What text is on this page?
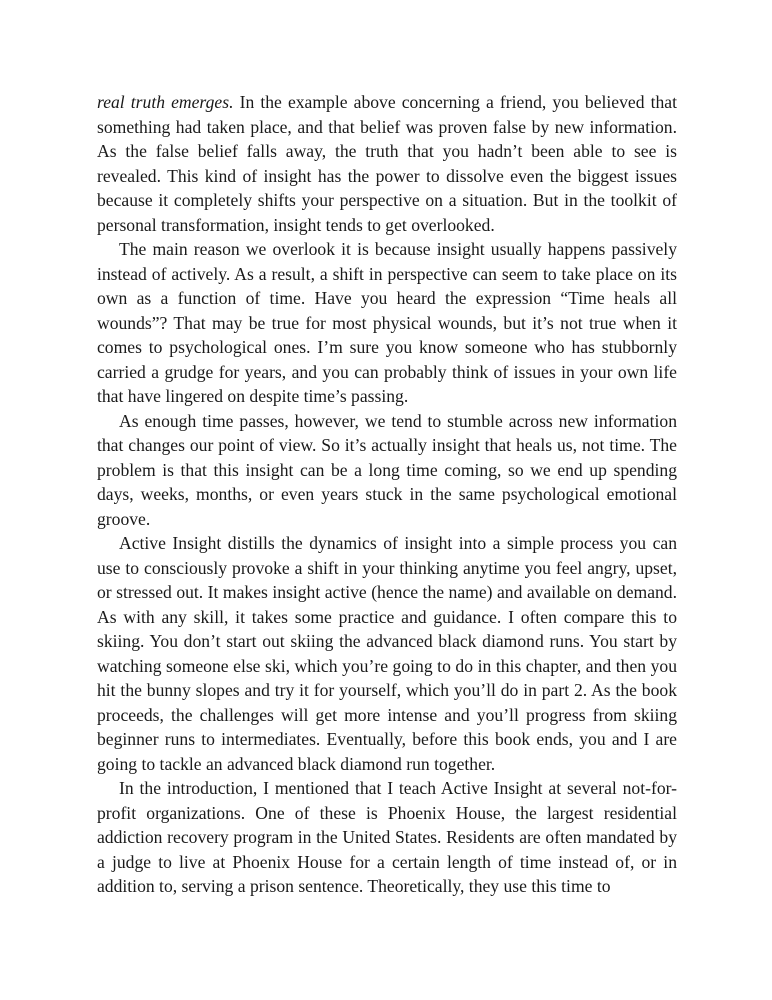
real truth emerges. In the example above concerning a friend, you believed that something had taken place, and that belief was proven false by new information. As the false belief falls away, the truth that you hadn’t been able to see is revealed. This kind of insight has the power to dissolve even the biggest issues because it completely shifts your perspective on a situation. But in the toolkit of personal transformation, insight tends to get overlooked.

The main reason we overlook it is because insight usually happens passively instead of actively. As a result, a shift in perspective can seem to take place on its own as a function of time. Have you heard the expression “Time heals all wounds”? That may be true for most physical wounds, but it’s not true when it comes to psychological ones. I’m sure you know someone who has stubbornly carried a grudge for years, and you can probably think of issues in your own life that have lingered on despite time’s passing.

As enough time passes, however, we tend to stumble across new information that changes our point of view. So it’s actually insight that heals us, not time. The problem is that this insight can be a long time coming, so we end up spending days, weeks, months, or even years stuck in the same psychological emotional groove.

Active Insight distills the dynamics of insight into a simple process you can use to consciously provoke a shift in your thinking anytime you feel angry, upset, or stressed out. It makes insight active (hence the name) and available on demand. As with any skill, it takes some practice and guidance. I often compare this to skiing. You don’t start out skiing the advanced black diamond runs. You start by watching someone else ski, which you’re going to do in this chapter, and then you hit the bunny slopes and try it for yourself, which you’ll do in part 2. As the book proceeds, the challenges will get more intense and you’ll progress from skiing beginner runs to intermediates. Eventually, before this book ends, you and I are going to tackle an advanced black diamond run together.

In the introduction, I mentioned that I teach Active Insight at several not-for-profit organizations. One of these is Phoenix House, the largest residential addiction recovery program in the United States. Residents are often mandated by a judge to live at Phoenix House for a certain length of time instead of, or in addition to, serving a prison sentence. Theoretically, they use this time to
